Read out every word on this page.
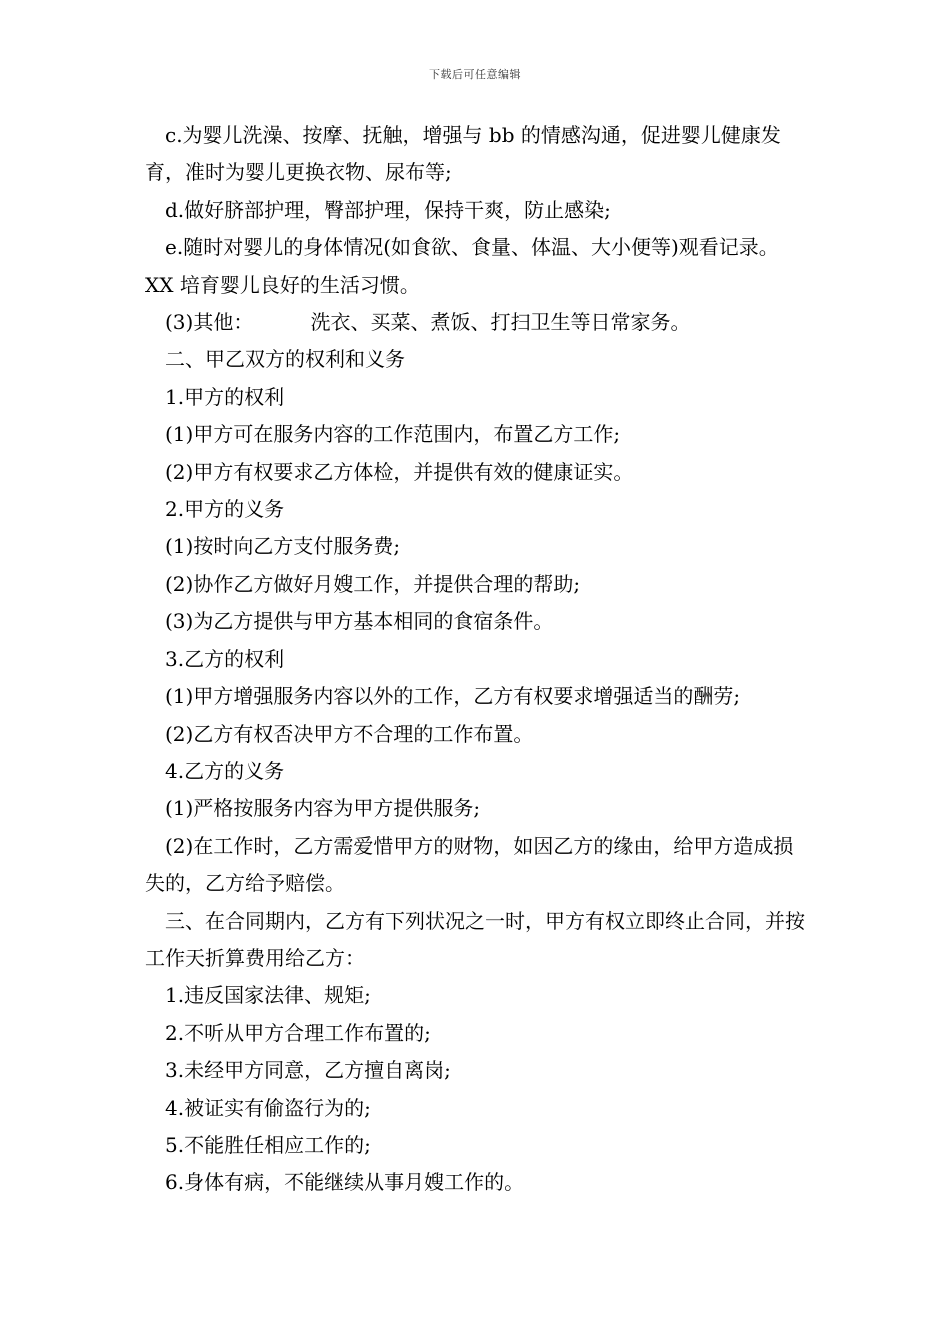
下载后可任意编辑

c.为婴儿洗澡、按摩、抚触，增强与 bb 的情感沟通，促进婴儿健康发育，准时为婴儿更换衣物、尿布等;

d.做好脐部护理，臀部护理，保持干爽，防止感染;

e.随时对婴儿的身体情况(如食欲、食量、体温、大小便等)观看记录。      XX 培育婴儿良好的生活习惯。

(3)其他：         洗衣、买菜、煮饭、打扫卫生等日常家务。

二、甲乙双方的权利和义务

1.甲方的权利

(1)甲方可在服务内容的工作范围内，布置乙方工作;

(2)甲方有权要求乙方体检，并提供有效的健康证实。

2.甲方的义务

(1)按时向乙方支付服务费;

(2)协作乙方做好月嫂工作，并提供合理的帮助;

(3)为乙方提供与甲方基本相同的食宿条件。

3.乙方的权利

(1)甲方增强服务内容以外的工作，乙方有权要求增强适当的酬劳;

(2)乙方有权否决甲方不合理的工作布置。

4.乙方的义务

(1)严格按服务内容为甲方提供服务;

(2)在工作时，乙方需爱惜甲方的财物，如因乙方的缘由，给甲方造成损失的，乙方给予赔偿。

三、在合同期内，乙方有下列状况之一时，甲方有权立即终止合同，并按工作天折算费用给乙方：

1.违反国家法律、规矩;

2.不听从甲方合理工作布置的;

3.未经甲方同意，乙方擅自离岗;

4.被证实有偷盗行为的;

5.不能胜任相应工作的;

6.身体有病，不能继续从事月嫂工作的。
